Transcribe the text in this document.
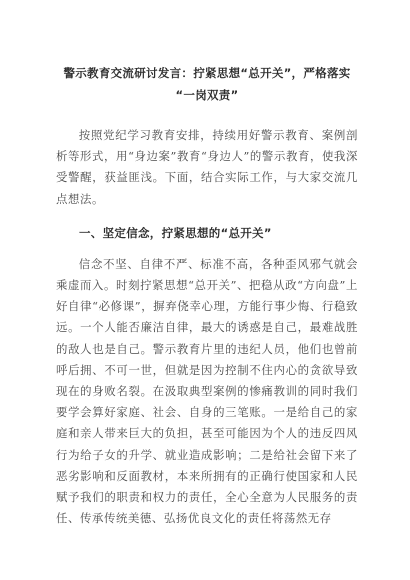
警示教育交流研讨发言：拧紧思想“总开关”，严格落实
“一岗双责”

按照党纪学习教育安排，持续用好警示教育、案例剖析等形式，用“身边案”教育“身边人”的警示教育，使我深受警醒，获益匪浅。下面，结合实际工作，与大家交流几点想法。

一、坚定信念，拧紧思想的“总开关”

信念不坚、自律不严、标准不高，各种歪风邪气就会乘虚而入。时刻拧紧思想“总开关”、把稳从政“方向盘”上好自律“必修课”，摒弃侥幸心理，方能行事少悔、行稳致远。一个人能否廉洁自律，最大的诱惑是自己，最难战胜的敌人也是自己。警示教育片里的违纪人员，他们也曾前呼后拥、不可一世，但就是因为控制不住内心的贪欲导致现在的身败名裂。在汲取典型案例的惨痛教训的同时我们要学会算好家庭、社会、自身的三笔账。一是给自己的家庭和亲人带来巨大的负担，甚至可能因为个人的违反四风行为给子女的升学、就业造成影响；二是给社会留下来了恶劣影响和反面教材，本来所拥有的正确行使国家和人民赋予我们的职责和权力的责任，全心全意为人民服务的责任、传承传统美德、弘扬优良文化的责任将荡然无存
